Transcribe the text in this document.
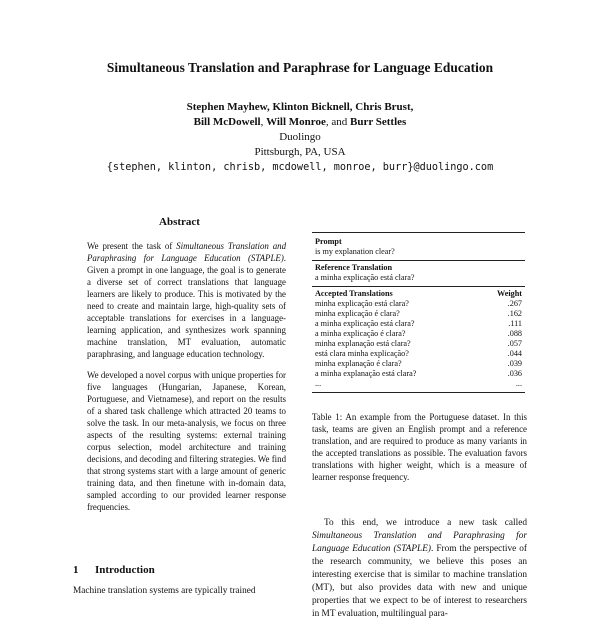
Simultaneous Translation and Paraphrase for Language Education
Stephen Mayhew, Klinton Bicknell, Chris Brust,
Bill McDowell, Will Monroe, and Burr Settles
Duolingo
Pittsburgh, PA, USA
{stephen, klinton, chrisb, mcdowell, monroe, burr}@duolingo.com
Abstract

We present the task of Simultaneous Translation and Paraphrasing for Language Education (STAPLE). Given a prompt in one language, the goal is to generate a diverse set of correct translations that language learners are likely to produce. This is motivated by the need to create and maintain large, high-quality sets of acceptable translations for exercises in a language-learning application, and synthesizes work spanning machine translation, MT evaluation, automatic paraphrasing, and language education technology.

We developed a novel corpus with unique properties for five languages (Hungarian, Japanese, Korean, Portuguese, and Vietnamese), and report on the results of a shared task challenge which attracted 20 teams to solve the task. In our meta-analysis, we focus on three aspects of the resulting systems: external training corpus selection, model architecture and training decisions, and decoding and filtering strategies. We find that strong systems start with a large amount of generic training data, and then finetune with in-domain data, sampled according to our provided learner response frequencies.

1 Introduction
Machine translation systems are typically trained
Prompt
is my explanation clear?
Reference Translation
a minha explicação está clara?
Accepted Translations	Weight
minha explicação está clara?	.267
minha explicação é clara?	.162
a minha explicação está clara?	.111
a minha explicação é clara?	.088
minha explanação está clara?	.057
está clara minha explicação?	.044
minha explanação é clara?	.039
a minha explanação está clara?	.036
...	...
Table 1: An example from the Portuguese dataset. In this task, teams are given an English prompt and a reference translation, and are required to produce as many variants in the accepted translations as possible. The evaluation favors translations with higher weight, which is a measure of learner response frequency.

To this end, we introduce a new task called Simultaneous Translation and Paraphrasing for Language Education (STAPLE). From the perspective of the research community, we believe this poses an interesting exercise that is similar to machine translation (MT), but also provides data with new and unique properties that we expect to be of interest to researchers in MT evaluation, multilingual para-
